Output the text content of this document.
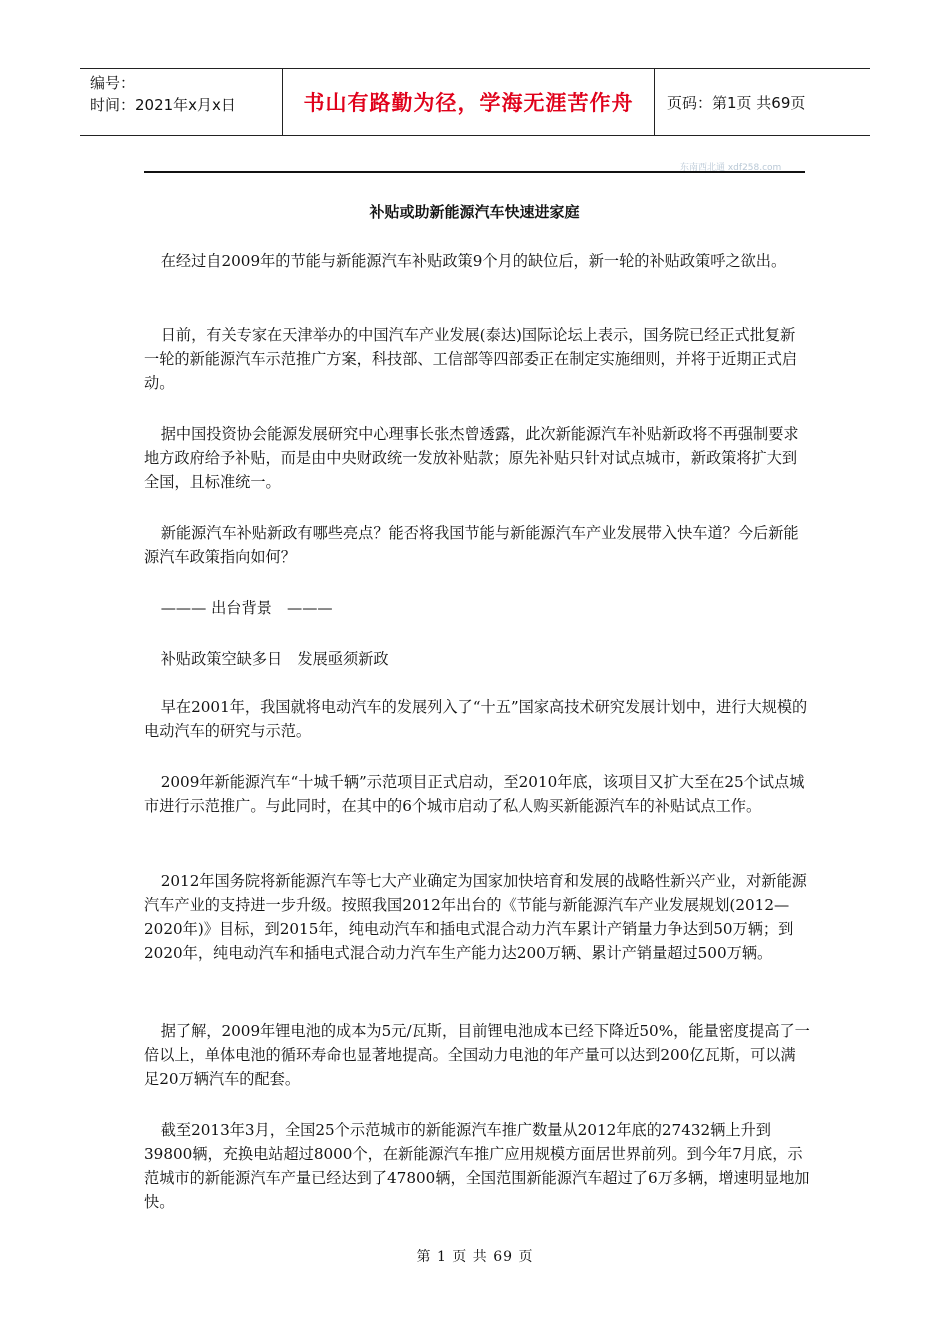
编号：
时间：2021年x月x日	书山有路勤为径，学海无涯苦作舟 页码：第1页 共69页
东南西北通 xdf258.com
补贴或助新能源汽车快速进家庭

在经过自2009年的节能与新能源汽车补贴政策9个月的缺位后，新一轮的补贴政策呼之欲出。

日前，有关专家在天津举办的中国汽车产业发展(泰达)国际论坛上表示，国务院已经正式批复新一轮的新能源汽车示范推广方案，科技部、工信部等四部委正在制定实施细则，并将于近期正式启动。

据中国投资协会能源发展研究中心理事长张杰曾透露，此次新能源汽车补贴新政将不再强制要求地方政府给予补贴，而是由中央财政统一发放补贴款；原先补贴只针对试点城市，新政策将扩大到全国，且标准统一。

新能源汽车补贴新政有哪些亮点？能否将我国节能与新能源汽车产业发展带入快车道？今后新能源汽车政策指向如何？

——— 出台背景　———

补贴政策空缺多日　发展亟须新政

早在2001年，我国就将电动汽车的发展列入了“十五”国家高技术研究发展计划中，进行大规模的电动汽车的研究与示范。

2009年新能源汽车“十城千辆”示范项目正式启动，至2010年底，该项目又扩大至在25个试点城市进行示范推广。与此同时，在其中的6个城市启动了私人购买新能源汽车的补贴试点工作。

2012年国务院将新能源汽车等七大产业确定为国家加快培育和发展的战略性新兴产业，对新能源汽车产业的支持进一步升级。按照我国2012年出台的《节能与新能源汽车产业发展规划(2012—2020年)》目标，到2015年，纯电动汽车和插电式混合动力汽车累计产销量力争达到50万辆；到2020年，纯电动汽车和插电式混合动力汽车生产能力达200万辆、累计产销量超过500万辆。

据了解，2009年锂电池的成本为5元/瓦斯，目前锂电池成本已经下降近50%，能量密度提高了一倍以上，单体电池的循环寿命也显著地提高。全国动力电池的年产量可以达到200亿瓦斯，可以满足20万辆汽车的配套。

截至2013年3月，全国25个示范城市的新能源汽车推广数量从2012年底的27432辆上升到39800辆，充换电站超过8000个，在新能源汽车推广应用规模方面居世界前列。到今年7月底，示范城市的新能源汽车产量已经达到了47800辆，全国范围新能源汽车超过了6万多辆，增速明显地加快。

第 1 页 共 69 页
